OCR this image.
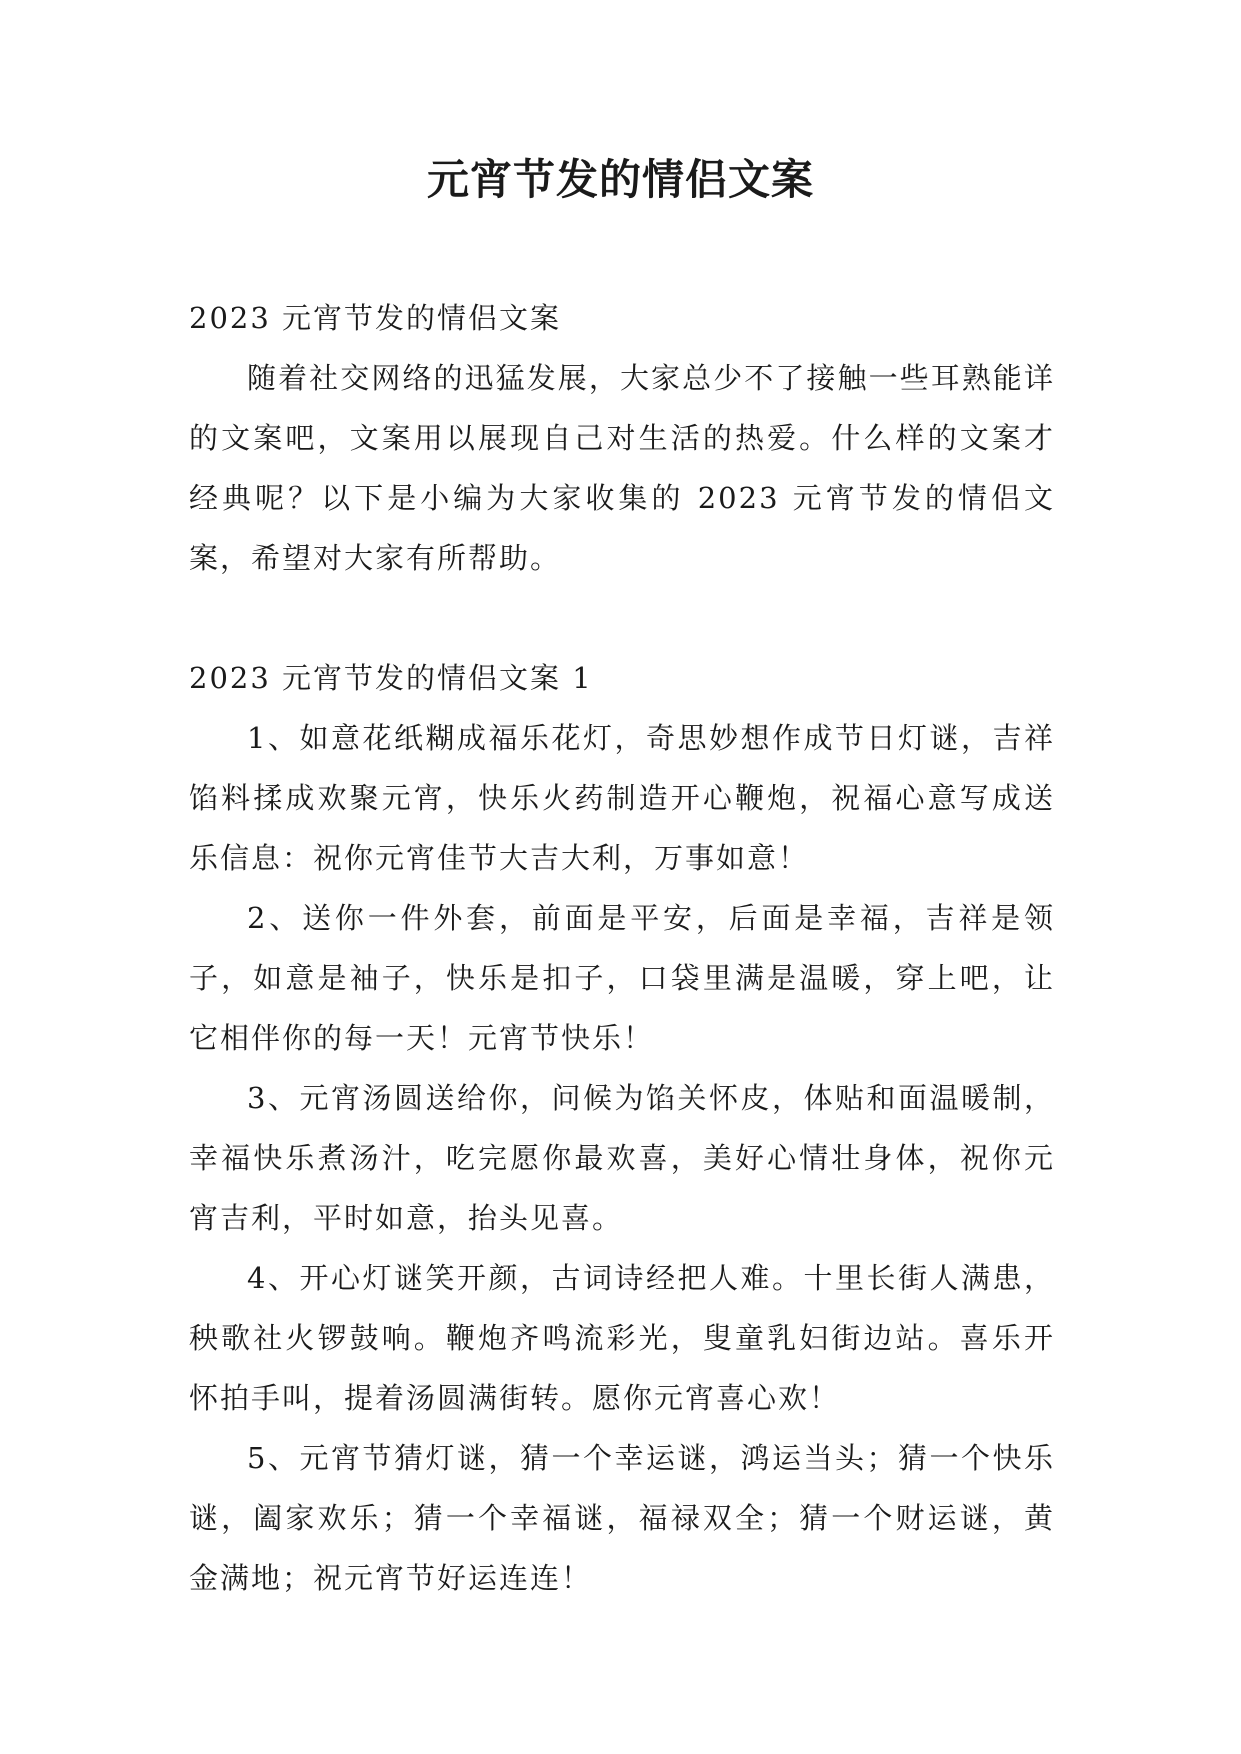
元宵节发的情侣文案

2023 元宵节发的情侣文案

随着社交网络的迅猛发展，大家总少不了接触一些耳熟能详的文案吧，文案用以展现自己对生活的热爱。什么样的文案才经典呢？以下是小编为大家收集的 2023 元宵节发的情侣文案，希望对大家有所帮助。

2023 元宵节发的情侣文案 1

1、如意花纸糊成福乐花灯，奇思妙想作成节日灯谜，吉祥馅料揉成欢聚元宵，快乐火药制造开心鞭炮，祝福心意写成送乐信息：祝你元宵佳节大吉大利，万事如意！

2、送你一件外套，前面是平安，后面是幸福，吉祥是领子，如意是袖子，快乐是扣子，口袋里满是温暖，穿上吧，让它相伴你的每一天！元宵节快乐！

3、元宵汤圆送给你，问候为馅关怀皮，体贴和面温暖制，幸福快乐煮汤汁，吃完愿你最欢喜，美好心情壮身体，祝你元宵吉利，平时如意，抬头见喜。

4、开心灯谜笑开颜，古词诗经把人难。十里长街人满患，秧歌社火锣鼓响。鞭炮齐鸣流彩光，叟童乳妇街边站。喜乐开怀拍手叫，提着汤圆满街转。愿你元宵喜心欢！

5、元宵节猜灯谜，猜一个幸运谜，鸿运当头；猜一个快乐谜，阖家欢乐；猜一个幸福谜，福禄双全；猜一个财运谜，黄金满地；祝元宵节好运连连！
